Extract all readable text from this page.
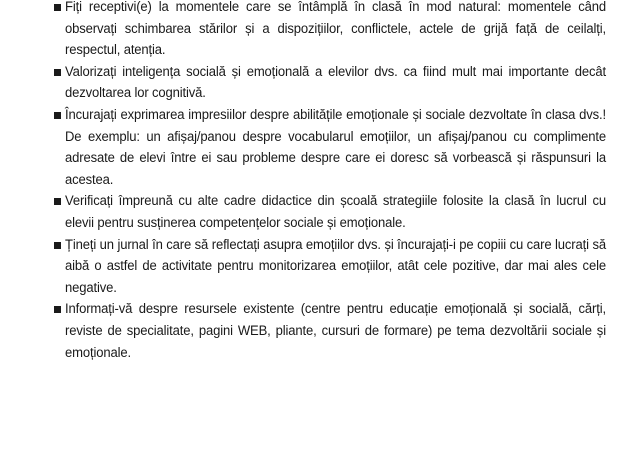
Fiți receptivi(e) la momentele care se întâmplă în clasă în mod natural: momentele când observați schimbarea stărilor și a dispozițiilor, conflictele, actele de grijă față de ceilalți, respectul, atenția.
Valorizați inteligența socială și emoțională a elevilor dvs. ca fiind mult mai importante decât dezvoltarea lor cognitivă.
Încurajați exprimarea impresiilor despre abilitățile emoționale și sociale dezvoltate în clasa dvs.! De exemplu: un afișaj/panou despre vocabularul emoțiilor, un afișaj/panou cu complimente adresate de elevi între ei sau probleme despre care ei doresc să vorbească și răspunsuri la acestea.
Verificați împreună cu alte cadre didactice din școală strategiile folosite la clasă în lucrul cu elevii pentru susținerea competențelor sociale și emoționale.
Țineți un jurnal în care să reflectați asupra emoțiilor dvs. și încurajați-i pe copiii cu care lucrați să aibă o astfel de activitate pentru monitorizarea emoțiilor, atât cele pozitive, dar mai ales cele negative.
Informați-vă despre resursele existente (centre pentru educație emoțională și socială, cărți, reviste de specialitate, pagini WEB, pliante, cursuri de formare) pe tema dezvoltării sociale și emoționale.
